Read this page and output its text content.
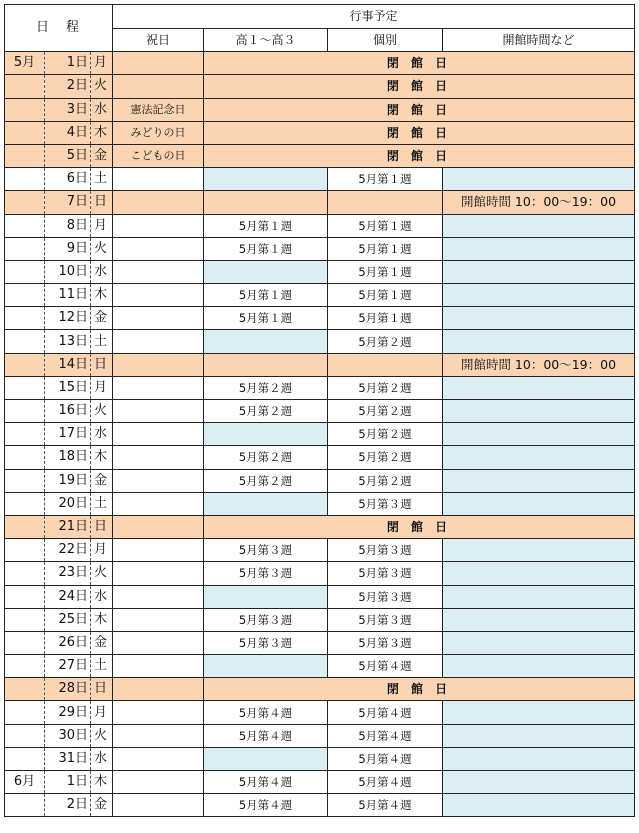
日　程			行事予定			
			祝日	高１〜高３	個別	開館時間など
5月	1日	月		閉 館 日		
	2日	火		閉 館 日		
	3日	水	憲法記念日	閉 館 日		
	4日	木	みどりの日	閉 館 日		
	5日	金	こどもの日	閉 館 日		
	6日	土			5月第１週	
	7日	日				開館時間 10：00〜19：00
	8日	月		5月第１週	5月第１週	
	9日	火		5月第１週	5月第１週	
	10日	水			5月第１週	
	11日	木		5月第１週	5月第１週	
	12日	金		5月第１週	5月第１週	
	13日	土			5月第２週	
	14日	日				開館時間 10：00〜19：00
	15日	月		5月第２週	5月第２週	
	16日	火		5月第２週	5月第２週	
	17日	水			5月第２週	
	18日	木		5月第２週	5月第２週	
	19日	金		5月第２週	5月第２週	
	20日	土			5月第３週	
	21日	日		閉 館 日		
	22日	月		5月第３週	5月第３週	
	23日	火		5月第３週	5月第３週	
	24日	水			5月第３週	
	25日	木		5月第３週	5月第３週	
	26日	金		5月第３週	5月第３週	
	27日	土			5月第４週	
	28日	日		閉 館 日		
	29日	月		5月第４週	5月第４週	
	30日	火		5月第４週	5月第４週	
	31日	水			5月第４週	
6月	1日	木		5月第４週	5月第４週	
	2日	金		5月第４週	5月第４週	
